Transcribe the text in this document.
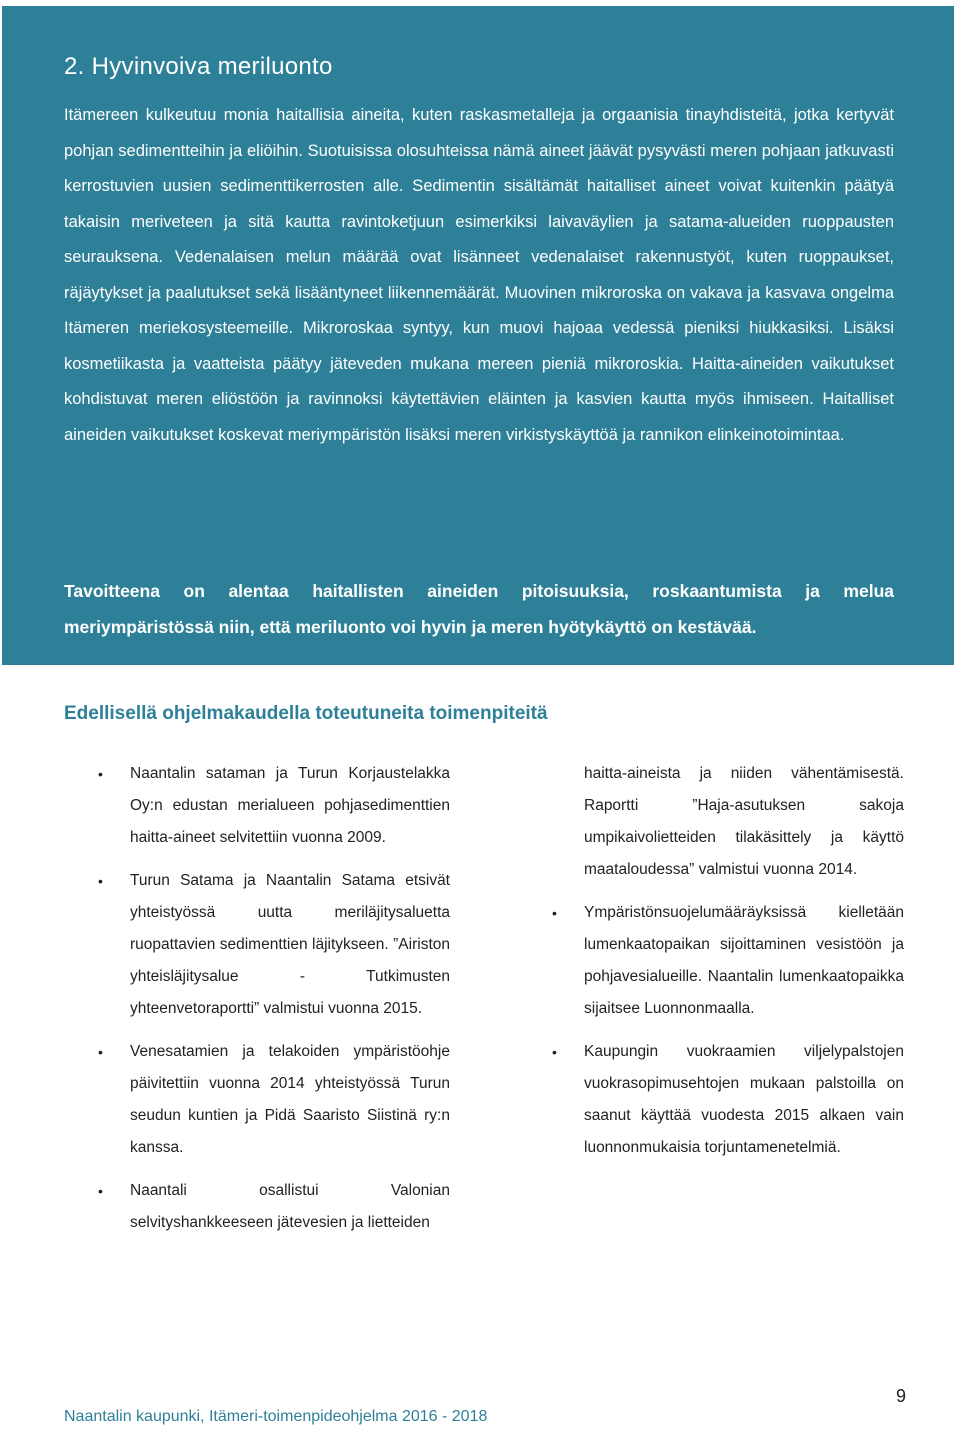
2. Hyvinvoiva meriluonto

Itämereen kulkeutuu monia haitallisia aineita, kuten raskasmetalleja ja orgaanisia tinayhdisteitä, jotka kertyvät pohjan sedimentteihin ja eliöihin. Suotuisissa olosuhteissa nämä aineet jäävät pysyvästi meren pohjaan jatkuvasti kerrostuvien uusien sedimenttikerrosten alle. Sedimentin sisältämät haitalliset aineet voivat kuitenkin päätyä takaisin meriveteen ja sitä kautta ravintoketjuun esimerkiksi laivaväylien ja satama-alueiden ruoppausten seurauksena. Vedenalaisen melun määrää ovat lisänneet vedenalaiset rakennustyöt, kuten ruoppaukset, räjäytykset ja paalutukset sekä lisääntyneet liikennemäärät. Muovinen mikroroska on vakava ja kasvava ongelma Itämeren meriekosysteemeille. Mikroroskaa syntyy, kun muovi hajoaa vedessä pieniksi hiukkasiksi. Lisäksi kosmetiikasta ja vaatteista päätyy jäteveden mukana mereen pieniä mikroroskia. Haitta-aineiden vaikutukset kohdistuvat meren eliöstöön ja ravinnoksi käytettävien eläinten ja kasvien kautta myös ihmiseen. Haitalliset aineiden vaikutukset koskevat meriympäristön lisäksi meren virkistyskäyttöä ja rannikon elinkeinotoimintaa.

Tavoitteena on alentaa haitallisten aineiden pitoisuuksia, roskaantumista ja melua meriympäristössä niin, että meriluonto voi hyvin ja meren hyötykäyttö on kestävää.

Edellisellä ohjelmakaudella toteutuneita toimenpiteitä
• Naantalin sataman ja Turun Korjaustelakka Oy:n edustan merialueen pohjasedimenttien haitta-aineet selvitettiin vuonna 2009.
• Turun Satama ja Naantalin Satama etsivät yhteistyössä uutta meriläjitysaluetta ruopattavien sedimenttien läjitykseen. ”Airiston yhteisläjitysalue - Tutkimusten yhteenvetoraportti” valmistui vuonna 2015.
• Venesatamien ja telakoiden ympäristöohje päivitettiin vuonna 2014 yhteistyössä Turun seudun kuntien ja Pidä Saaristo Siistinä ry:n kanssa.
• Naantali osallistui Valonian selvityshankkeeseen jätevesien ja lietteiden
haitta-aineista ja niiden vähentämisestä. Raportti ”Haja-asutuksen sakoja umpikaivolietteiden tilakäsittely ja käyttö maataloudessa” valmistui vuonna 2014.
• Ympäristönsuojelumääräyksissä kielletään lumenkaatopaikan sijoittaminen vesistöön ja pohjavesialueille. Naantalin lumenkaatopaikka sijaitsee Luonnonmaalla.
• Kaupungin vuokraamien viljelypalstojen vuokrasopimusehtojen mukaan palstoilla on saanut käyttää vuodesta 2015 alkaen vain luonnonmukaisia torjuntamenetelmiä.

Naantalin kaupunki, Itämeri-toimenpideohjelma 2016 - 2018

9
